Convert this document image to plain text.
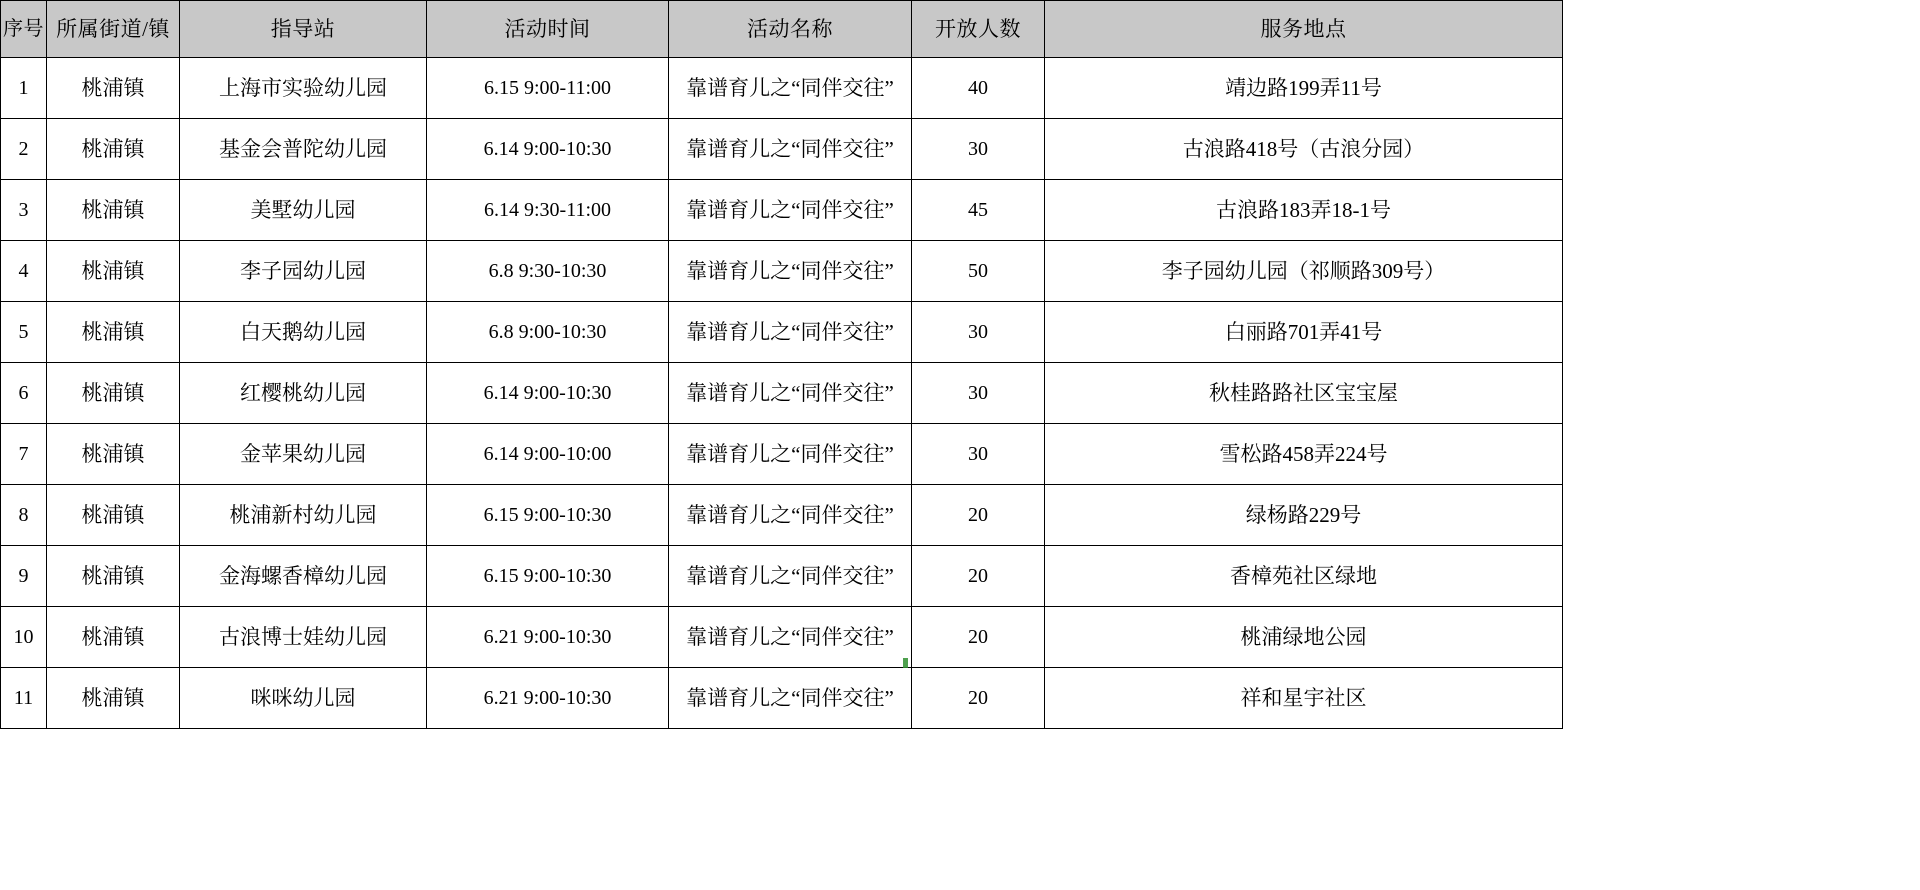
序号	所属街道/镇	指导站	活动时间	活动名称	开放人数	服务地点
1	桃浦镇	上海市实验幼儿园	6.15 9:00-11:00	靠谱育儿之“同伴交往”	40	靖边路199弄11号
2	桃浦镇	基金会普陀幼儿园	6.14 9:00-10:30	靠谱育儿之“同伴交往”	30	古浪路418号（古浪分园）
3	桃浦镇	美墅幼儿园	6.14 9:30-11:00	靠谱育儿之“同伴交往”	45	古浪路183弄18-1号
4	桃浦镇	李子园幼儿园	6.8 9:30-10:30	靠谱育儿之“同伴交往”	50	李子园幼儿园（祁顺路309号）
5	桃浦镇	白天鹅幼儿园	6.8 9:00-10:30	靠谱育儿之“同伴交往”	30	白丽路701弄41号
6	桃浦镇	红樱桃幼儿园	6.14 9:00-10:30	靠谱育儿之“同伴交往”	30	秋桂路路社区宝宝屋
7	桃浦镇	金苹果幼儿园	6.14 9:00-10:00	靠谱育儿之“同伴交往”	30	雪松路458弄224号
8	桃浦镇	桃浦新村幼儿园	6.15 9:00-10:30	靠谱育儿之“同伴交往”	20	绿杨路229号
9	桃浦镇	金海螺香樟幼儿园	6.15 9:00-10:30	靠谱育儿之“同伴交往”	20	香樟苑社区绿地
10	桃浦镇	古浪博士娃幼儿园	6.21 9:00-10:30	靠谱育儿之“同伴交往”	20	桃浦绿地公园
11	桃浦镇	咪咪幼儿园	6.21 9:00-10:30	靠谱育儿之“同伴交往”	20	祥和星宇社区
